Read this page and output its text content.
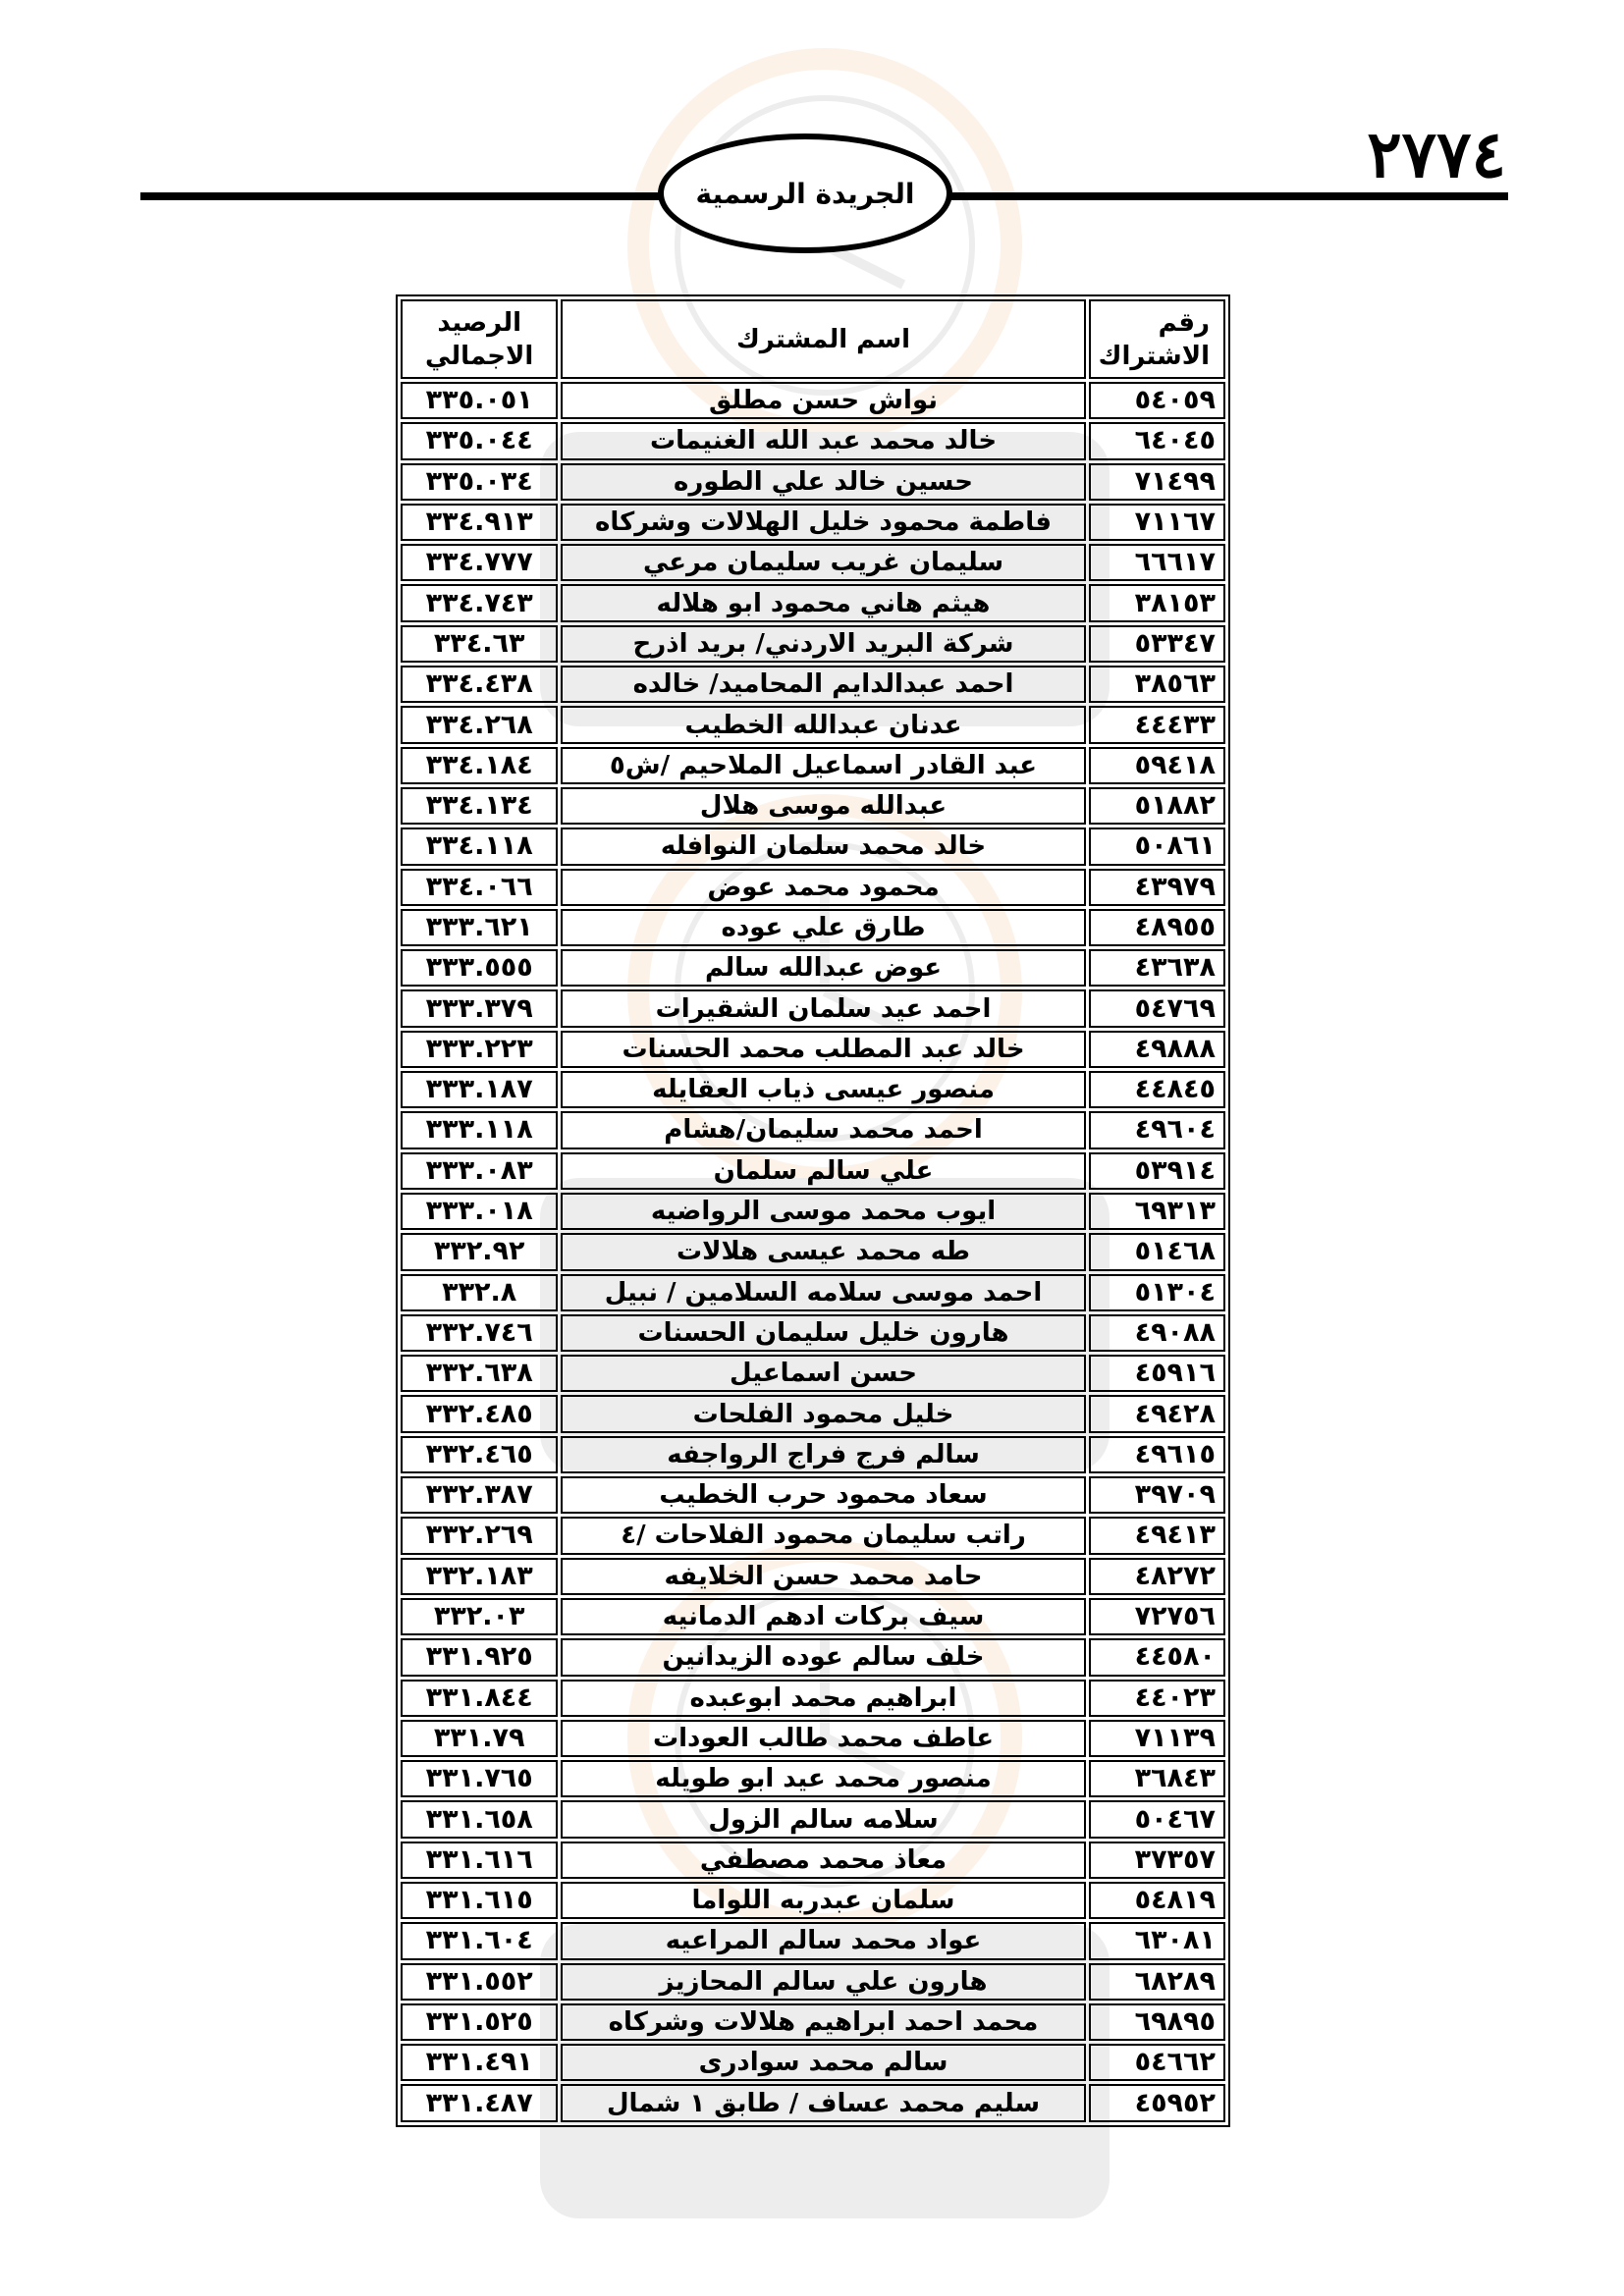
٢٧٧٤
الجريدة الرسمية
رقم الاشتراك	اسم المشترك	الرصيد الاجمالي
٥٤٠٥٩	نواش حسن مطلق	٣٣٥.٠٥١
٦٤٠٤٥	خالد محمد عبد الله الغنيمات	٣٣٥.٠٤٤
٧١٤٩٩	حسين خالد علي الطوره	٣٣٥.٠٣٤
٧١١٦٧	فاطمة محمود خليل الهلالات وشركاه	٣٣٤.٩١٣
٦٦٦١٧	سليمان غريب سليمان مرعي	٣٣٤.٧٧٧
٣٨١٥٣	هيثم هاني محمود ابو هلاله	٣٣٤.٧٤٣
٥٣٣٤٧	شركة البريد الاردني/ بريد اذرح	٣٣٤.٦٣
٣٨٥٦٣	احمد عبدالدايم المحاميد/ خالده	٣٣٤.٤٣٨
٤٤٤٣٣	عدنان عبدالله الخطيب	٣٣٤.٢٦٨
٥٩٤١٨	عبد القادر اسماعيل الملاحيم /ش٥	٣٣٤.١٨٤
٥١٨٨٢	عبدالله موسى هلال	٣٣٤.١٣٤
٥٠٨٦١	خالد محمد سلمان النوافله	٣٣٤.١١٨
٤٣٩٧٩	محمود محمد عوض	٣٣٤.٠٦٦
٤٨٩٥٥	طارق علي عوده	٣٣٣.٦٢١
٤٣٦٣٨	عوض عبدالله سالم	٣٣٣.٥٥٥
٥٤٧٦٩	احمد عيد سلمان الشقيرات	٣٣٣.٣٧٩
٤٩٨٨٨	خالد عبد المطلب محمد الحسنات	٣٣٣.٢٢٣
٤٤٨٤٥	منصور عيسى ذياب العقايله	٣٣٣.١٨٧
٤٩٦٠٤	احمد محمد سليمان/هشام	٣٣٣.١١٨
٥٣٩١٤	علي سالم سلمان	٣٣٣.٠٨٣
٦٩٣١٣	ايوب محمد موسى الرواضيه	٣٣٣.٠١٨
٥١٤٦٨	طه محمد عيسى هلالات	٣٣٢.٩٢
٥١٣٠٤	احمد موسى سلامه السلامين / نبيل	٣٣٢.٨
٤٩٠٨٨	هارون خليل سليمان الحسنات	٣٣٢.٧٤٦
٤٥٩١٦	حسن اسماعيل	٣٣٢.٦٣٨
٤٩٤٢٨	خليل محمود الفلحات	٣٣٢.٤٨٥
٤٩٦١٥	سالم فرج فراج الرواجفه	٣٣٢.٤٦٥
٣٩٧٠٩	سعاد محمود حرب الخطيب	٣٣٢.٣٨٧
٤٩٤١٣	راتب سليمان محمود الفلاحات /٤	٣٣٢.٢٦٩
٤٨٢٧٢	حامد محمد حسن الخلايفه	٣٣٢.١٨٣
٧٢٧٥٦	سيف بركات ادهم الدمانيه	٣٣٢.٠٣
٤٤٥٨٠	خلف سالم عوده الزيدانين	٣٣١.٩٢٥
٤٤٠٢٣	ابراهيم محمد ابوعبده	٣٣١.٨٤٤
٧١١٣٩	عاطف محمد طالب العودات	٣٣١.٧٩
٣٦٨٤٣	منصور محمد عيد ابو طويله	٣٣١.٧٦٥
٥٠٤٦٧	سلامه سالم الزول	٣٣١.٦٥٨
٣٧٣٥٧	معاذ محمد مصطفي	٣٣١.٦١٦
٥٤٨١٩	سلمان عبدربه اللواما	٣٣١.٦١٥
٦٣٠٨١	عواد محمد سالم المراعيه	٣٣١.٦٠٤
٦٨٢٨٩	هارون علي سالم المحازيز	٣٣١.٥٥٢
٦٩٨٩٥	محمد احمد ابراهيم هلالات وشركاه	٣٣١.٥٢٥
٥٤٦٦٢	سالم محمد سوادرى	٣٣١.٤٩١
٤٥٩٥٢	سليم محمد عساف / طابق ١ شمال	٣٣١.٤٨٧
